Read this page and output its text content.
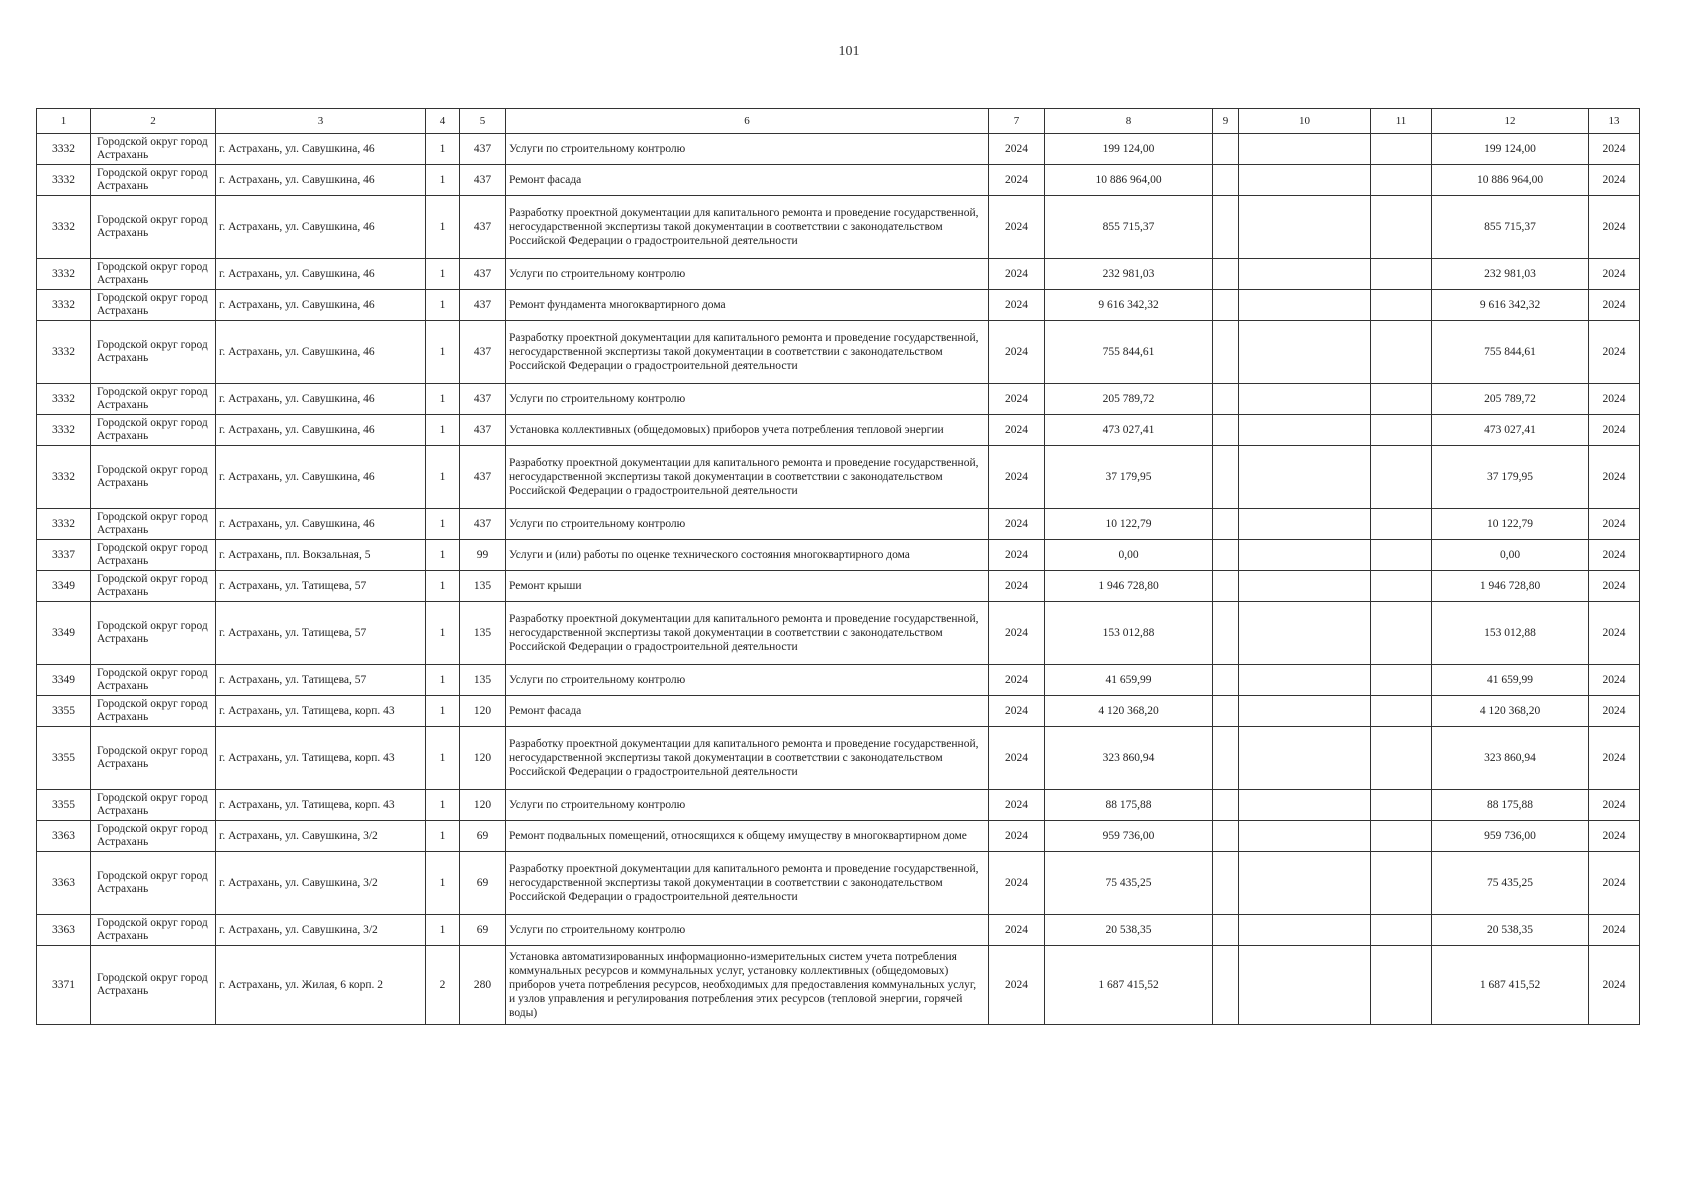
101
1	2	3	4	5	6	7	8	9	10	11	12	13
3332	Городской округ город Астрахань	г. Астрахань, ул. Савушкина, 46	1	437	Услуги по строительному контролю	2024	199 124,00				199 124,00	2024
3332	Городской округ город Астрахань	г. Астрахань, ул. Савушкина, 46	1	437	Ремонт фасада	2024	10 886 964,00				10 886 964,00	2024
3332	Городской округ город Астрахань	г. Астрахань, ул. Савушкина, 46	1	437	Разработку проектной документации для капитального ремонта и проведение государственной, негосударственной экспертизы такой документации в соответствии с законодательством Российской Федерации о градостроительной деятельности	2024	855 715,37				855 715,37	2024
3332	Городской округ город Астрахань	г. Астрахань, ул. Савушкина, 46	1	437	Услуги по строительному контролю	2024	232 981,03				232 981,03	2024
3332	Городской округ город Астрахань	г. Астрахань, ул. Савушкина, 46	1	437	Ремонт фундамента многоквартирного дома	2024	9 616 342,32				9 616 342,32	2024
3332	Городской округ город Астрахань	г. Астрахань, ул. Савушкина, 46	1	437	Разработку проектной документации для капитального ремонта и проведение государственной, негосударственной экспертизы такой документации в соответствии с законодательством Российской Федерации о градостроительной деятельности	2024	755 844,61				755 844,61	2024
3332	Городской округ город Астрахань	г. Астрахань, ул. Савушкина, 46	1	437	Услуги по строительному контролю	2024	205 789,72				205 789,72	2024
3332	Городской округ город Астрахань	г. Астрахань, ул. Савушкина, 46	1	437	Установка коллективных (общедомовых) приборов учета потребления тепловой энергии	2024	473 027,41				473 027,41	2024
3332	Городской округ город Астрахань	г. Астрахань, ул. Савушкина, 46	1	437	Разработку проектной документации для капитального ремонта и проведение государственной, негосударственной экспертизы такой документации в соответствии с законодательством Российской Федерации о градостроительной деятельности	2024	37 179,95				37 179,95	2024
3332	Городской округ город Астрахань	г. Астрахань, ул. Савушкина, 46	1	437	Услуги по строительному контролю	2024	10 122,79				10 122,79	2024
3337	Городской округ город Астрахань	г. Астрахань, пл. Вокзальная, 5	1	99	Услуги и (или) работы по оценке технического состояния многоквартирного дома	2024	0,00				0,00	2024
3349	Городской округ город Астрахань	г. Астрахань, ул. Татищева, 57	1	135	Ремонт крыши	2024	1 946 728,80				1 946 728,80	2024
3349	Городской округ город Астрахань	г. Астрахань, ул. Татищева, 57	1	135	Разработку проектной документации для капитального ремонта и проведение государственной, негосударственной экспертизы такой документации в соответствии с законодательством Российской Федерации о градостроительной деятельности	2024	153 012,88				153 012,88	2024
3349	Городской округ город Астрахань	г. Астрахань, ул. Татищева, 57	1	135	Услуги по строительному контролю	2024	41 659,99				41 659,99	2024
3355	Городской округ город Астрахань	г. Астрахань, ул. Татищева, корп. 43	1	120	Ремонт фасада	2024	4 120 368,20				4 120 368,20	2024
3355	Городской округ город Астрахань	г. Астрахань, ул. Татищева, корп. 43	1	120	Разработку проектной документации для капитального ремонта и проведение государственной, негосударственной экспертизы такой документации в соответствии с законодательством Российской Федерации о градостроительной деятельности	2024	323 860,94				323 860,94	2024
3355	Городской округ город Астрахань	г. Астрахань, ул. Татищева, корп. 43	1	120	Услуги по строительному контролю	2024	88 175,88				88 175,88	2024
3363	Городской округ город Астрахань	г. Астрахань, ул. Савушкина, 3/2	1	69	Ремонт подвальных помещений, относящихся к общему имуществу в многоквартирном доме	2024	959 736,00				959 736,00	2024
3363	Городской округ город Астрахань	г. Астрахань, ул. Савушкина, 3/2	1	69	Разработку проектной документации для капитального ремонта и проведение государственной, негосударственной экспертизы такой документации в соответствии с законодательством Российской Федерации о градостроительной деятельности	2024	75 435,25				75 435,25	2024
3363	Городской округ город Астрахань	г. Астрахань, ул. Савушкина, 3/2	1	69	Услуги по строительному контролю	2024	20 538,35				20 538,35	2024
3371	Городской округ город Астрахань	г. Астрахань, ул. Жилая, 6 корп. 2	2	280	Установка автоматизированных информационно-измерительных систем учета потребления коммунальных ресурсов и коммунальных услуг, установку коллективных (общедомовых) приборов учета потребления ресурсов, необходимых для предоставления коммунальных услуг, и узлов управления и регулирования потребления этих ресурсов (тепловой энергии, горячей воды)	2024	1 687 415,52				1 687 415,52	2024
